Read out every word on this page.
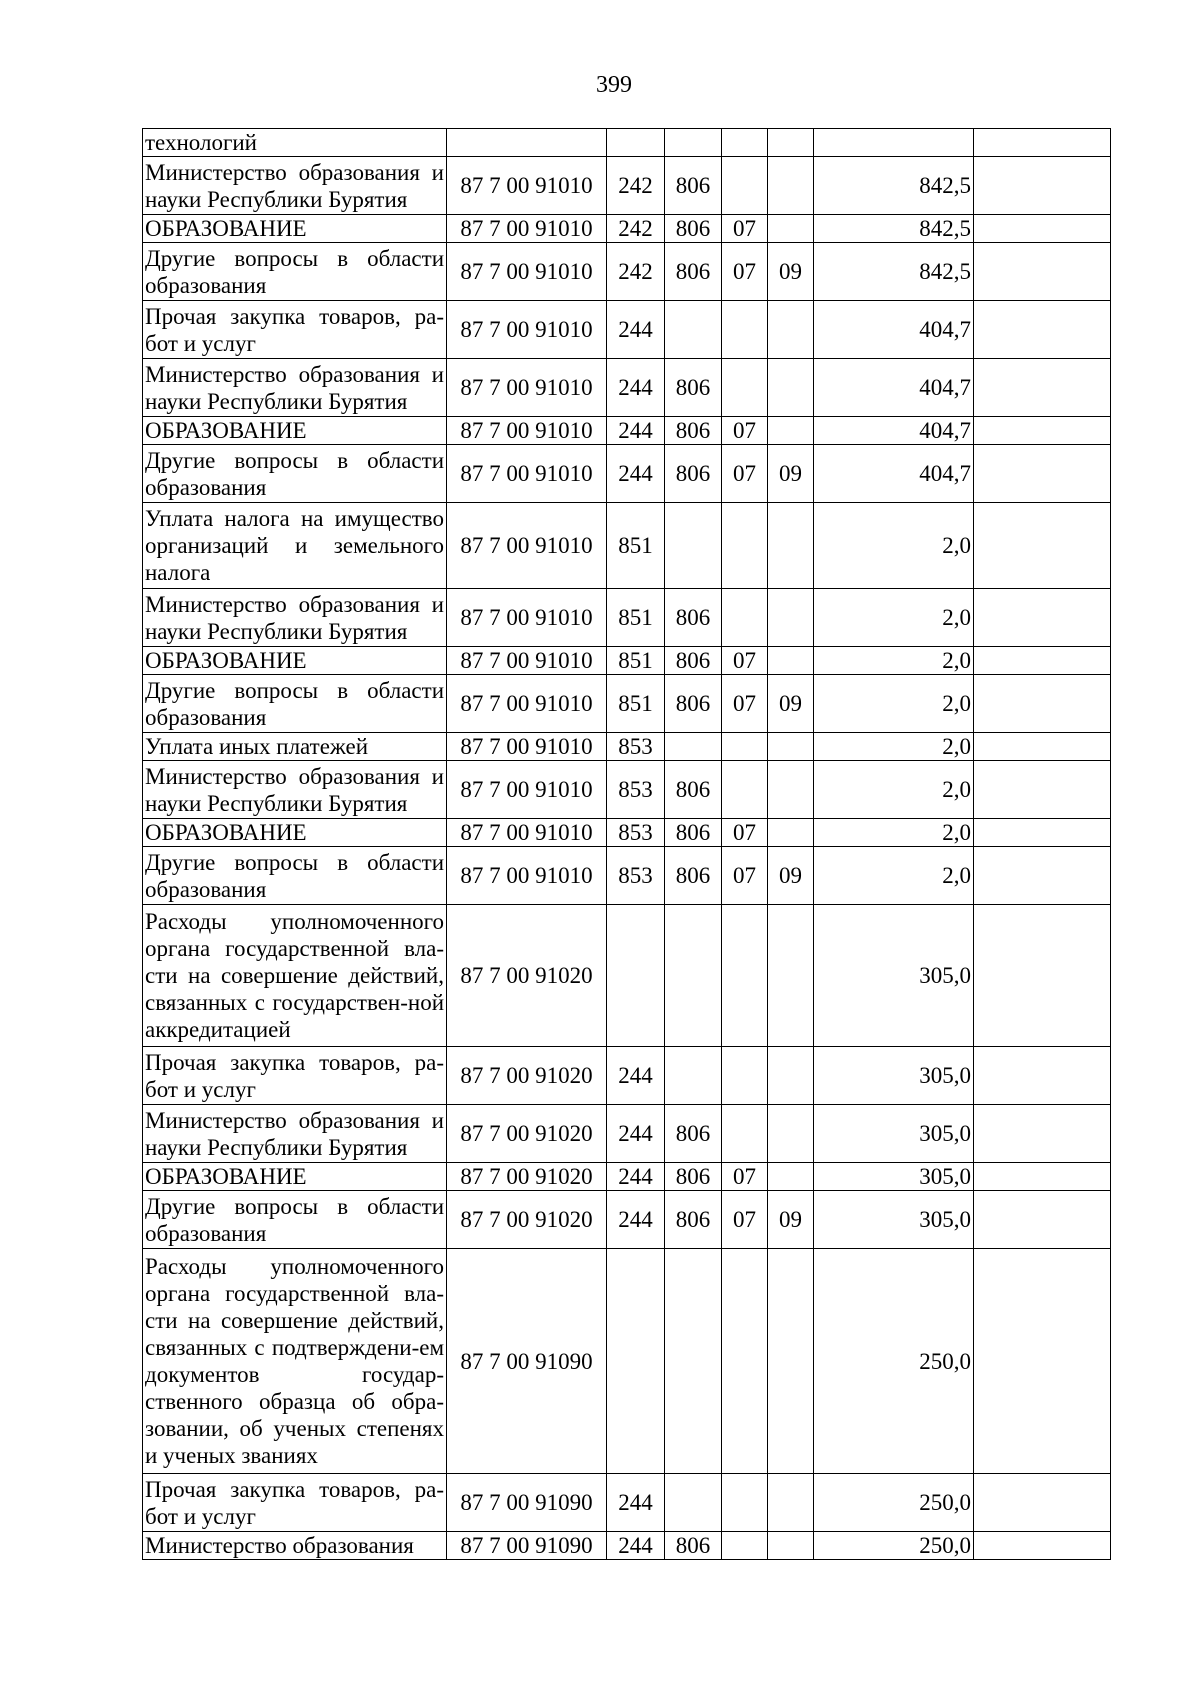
399
технологий							
Министерство образования и науки Республики Бурятия	87 7 00 91010	242	806			842,5	
ОБРАЗОВАНИЕ	87 7 00 91010	242	806	07		842,5	
Другие вопросы в области образования	87 7 00 91010	242	806	07	09	842,5	
Прочая закупка товаров, ра-бот и услуг	87 7 00 91010	244				404,7	
Министерство образования и науки Республики Бурятия	87 7 00 91010	244	806			404,7	
ОБРАЗОВАНИЕ	87 7 00 91010	244	806	07		404,7	
Другие вопросы в области образования	87 7 00 91010	244	806	07	09	404,7	
Уплата налога на имущество организаций и земельного налога	87 7 00 91010	851				2,0	
Министерство образования и науки Республики Бурятия	87 7 00 91010	851	806			2,0	
ОБРАЗОВАНИЕ	87 7 00 91010	851	806	07		2,0	
Другие вопросы в области образования	87 7 00 91010	851	806	07	09	2,0	
Уплата иных платежей	87 7 00 91010	853				2,0	
Министерство образования и науки Республики Бурятия	87 7 00 91010	853	806			2,0	
ОБРАЗОВАНИЕ	87 7 00 91010	853	806	07		2,0	
Другие вопросы в области образования	87 7 00 91010	853	806	07	09	2,0	
Расходы уполномоченного органа государственной вла-сти на совершение действий, связанных с государствен-ной аккредитацией	87 7 00 91020					305,0	
Прочая закупка товаров, ра-бот и услуг	87 7 00 91020	244				305,0	
Министерство образования и науки Республики Бурятия	87 7 00 91020	244	806			305,0	
ОБРАЗОВАНИЕ	87 7 00 91020	244	806	07		305,0	
Другие вопросы в области образования	87 7 00 91020	244	806	07	09	305,0	
Расходы уполномоченного органа государственной вла-сти на совершение действий, связанных с подтверждени-ем документов государ-ственного образца об обра-зовании, об ученых степенях и ученых званиях	87 7 00 91090					250,0	
Прочая закупка товаров, ра-бот и услуг	87 7 00 91090	244				250,0	
Министерство образования	87 7 00 91090	244	806			250,0	
